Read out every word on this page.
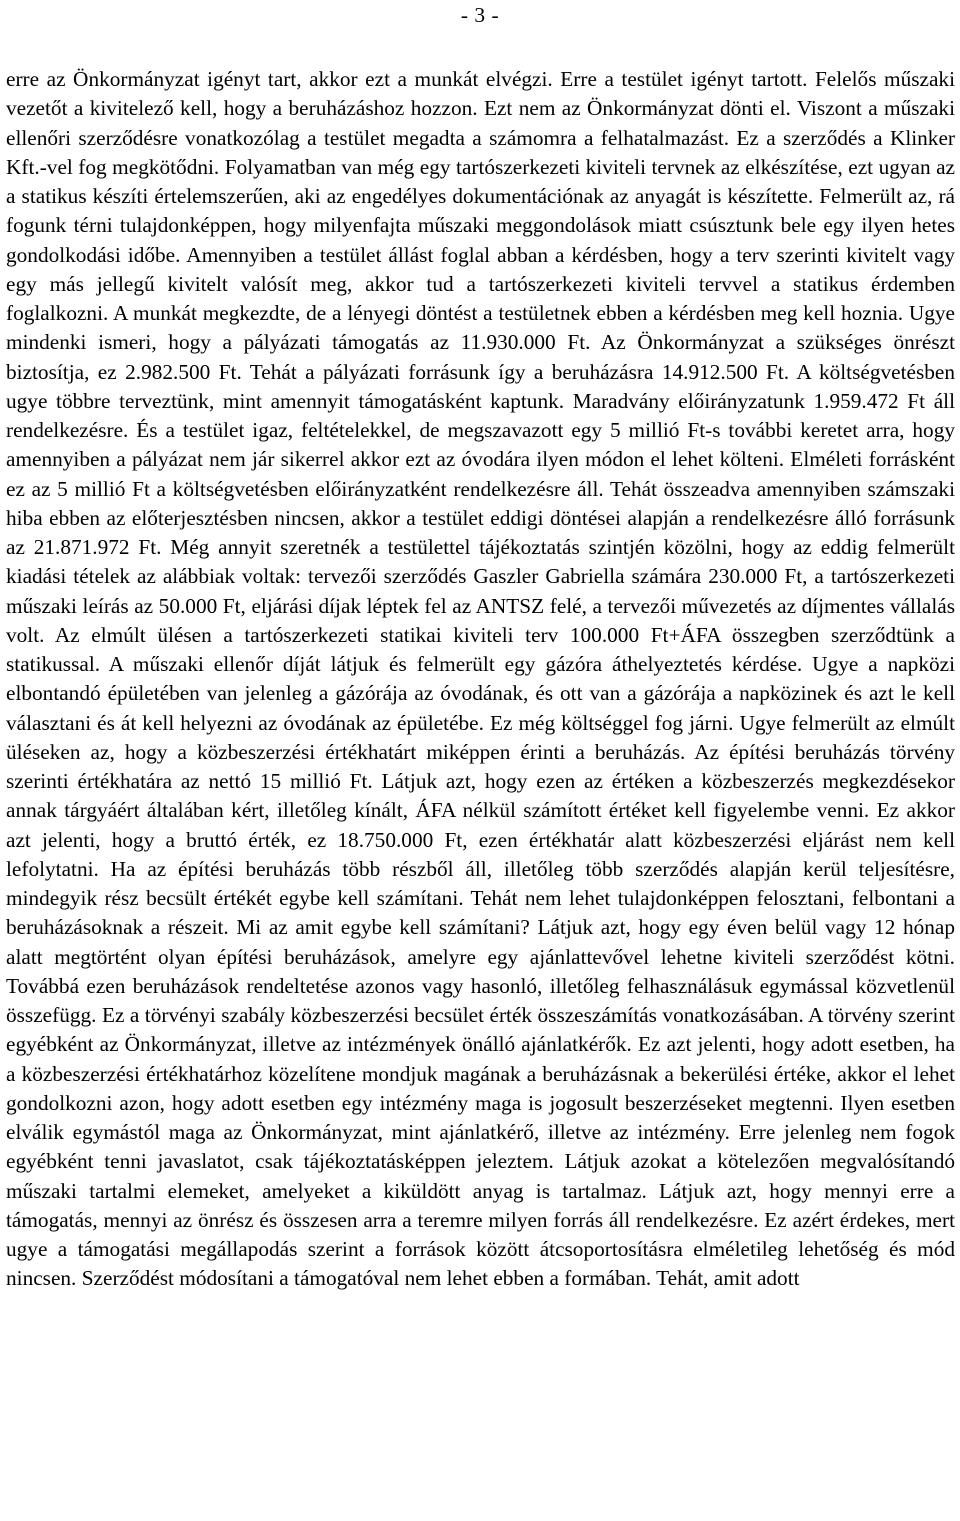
- 3 -

erre az Önkormányzat igényt tart, akkor ezt a munkát elvégzi. Erre a testület igényt tartott. Felelős műszaki vezetőt a kivitelező kell, hogy a beruházáshoz hozzon. Ezt nem az Önkormányzat dönti el. Viszont a műszaki ellenőri szerződésre vonatkozólag a testület megadta a számomra a felhatalmazást. Ez a szerződés a Klinker Kft.-vel fog megkötődni. Folyamatban van még egy tartószerkezeti kiviteli tervnek az elkészítése, ezt ugyan az a statikus készíti értelemszerűen, aki az engedélyes dokumentációnak az anyagát is készítette. Felmerült az, rá fogunk térni tulajdonképpen, hogy milyenfajta műszaki meggondolások miatt csúsztunk bele egy ilyen hetes gondolkodási időbe. Amennyiben a testület állást foglal abban a kérdésben, hogy a terv szerinti kivitelt vagy egy más jellegű kivitelt valósít meg, akkor tud a tartószerkezeti kiviteli tervvel a statikus érdemben foglalkozni. A munkát megkezdte, de a lényegi döntést a testületnek ebben a kérdésben meg kell hoznia. Ugye mindenki ismeri, hogy a pályázati támogatás az 11.930.000 Ft. Az Önkormányzat a szükséges önrészt biztosítja, ez 2.982.500 Ft. Tehát a pályázati forrásunk így a beruházásra 14.912.500 Ft. A költségvetésben ugye többre terveztünk, mint amennyit támogatásként kaptunk. Maradvány előirányzatunk 1.959.472 Ft áll rendelkezésre. És a testület igaz, feltételekkel, de megszavazott egy 5 millió Ft-s további keretet arra, hogy amennyiben a pályázat nem jár sikerrel akkor ezt az óvodára ilyen módon el lehet költeni. Elméleti forrásként ez az 5 millió Ft a költségvetésben előirányzatként rendelkezésre áll. Tehát összeadva amennyiben számszaki hiba ebben az előterjesztésben nincsen, akkor a testület eddigi döntései alapján a rendelkezésre álló forrásunk az 21.871.972 Ft. Még annyit szeretnék a testülettel tájékoztatás szintjén közölni, hogy az eddig felmerült kiadási tételek az alábbiak voltak: tervezői szerződés Gaszler Gabriella számára 230.000 Ft, a tartószerkezeti műszaki leírás az 50.000 Ft, eljárási díjak léptek fel az ANTSZ felé, a tervezői művezetés az díjmentes vállalás volt. Az elmúlt ülésen a tartószerkezeti statikai kiviteli terv 100.000 Ft+ÁFA összegben szerződtünk a statikussal. A műszaki ellenőr díját látjuk és felmerült egy gázóra áthelyeztetés kérdése. Ugye a napközi elbontandó épületében van jelenleg a gázórája az óvodának, és ott van a gázórája a napközinek és azt le kell választani és át kell helyezni az óvodának az épületébe. Ez még költséggel fog járni. Ugye felmerült az elmúlt üléseken az, hogy a közbeszerzési értékhatárt miképpen érinti a beruházás. Az építési beruházás törvény szerinti értékhatára az nettó 15 millió Ft. Látjuk azt, hogy ezen az értéken a közbeszerzés megkezdésekor annak tárgyáért általában kért, illetőleg kínált, ÁFA nélkül számított értéket kell figyelembe venni. Ez akkor azt jelenti, hogy a bruttó érték, ez 18.750.000 Ft, ezen értékhatár alatt közbeszerzési eljárást nem kell lefolytatni. Ha az építési beruházás több részből áll, illetőleg több szerződés alapján kerül teljesítésre, mindegyik rész becsült értékét egybe kell számítani. Tehát nem lehet tulajdonképpen felosztani, felbontani a beruházásoknak a részeit. Mi az amit egybe kell számítani? Látjuk azt, hogy egy éven belül vagy 12 hónap alatt megtörtént olyan építési beruházások, amelyre egy ajánlattevővel lehetne kiviteli szerződést kötni. Továbbá ezen beruházások rendeltetése azonos vagy hasonló, illetőleg felhasználásuk egymással közvetlenül összefügg. Ez a törvényi szabály közbeszerzési becsület érték összeszámítás vonatkozásában. A törvény szerint egyébként az Önkormányzat, illetve az intézmények önálló ajánlatkérők. Ez azt jelenti, hogy adott esetben, ha a közbeszerzési értékhatárhoz közelítene mondjuk magának a beruházásnak a bekerülési értéke, akkor el lehet gondolkozni azon, hogy adott esetben egy intézmény maga is jogosult beszerzéseket megtenni. Ilyen esetben elválik egymástól maga az Önkormányzat, mint ajánlatkérő, illetve az intézmény. Erre jelenleg nem fogok egyébként tenni javaslatot, csak tájékoztatásképpen jeleztem. Látjuk azokat a kötelezően megvalósítandó műszaki tartalmi elemeket, amelyeket a kiküldött anyag is tartalmaz. Látjuk azt, hogy mennyi erre a támogatás, mennyi az önrész és összesen arra a teremre milyen forrás áll rendelkezésre. Ez azért érdekes, mert ugye a támogatási megállapodás szerint a források között átcsoportosításra elméletileg lehetőség és mód nincsen. Szerződést módosítani a támogatóval nem lehet ebben a formában. Tehát, amit adott
